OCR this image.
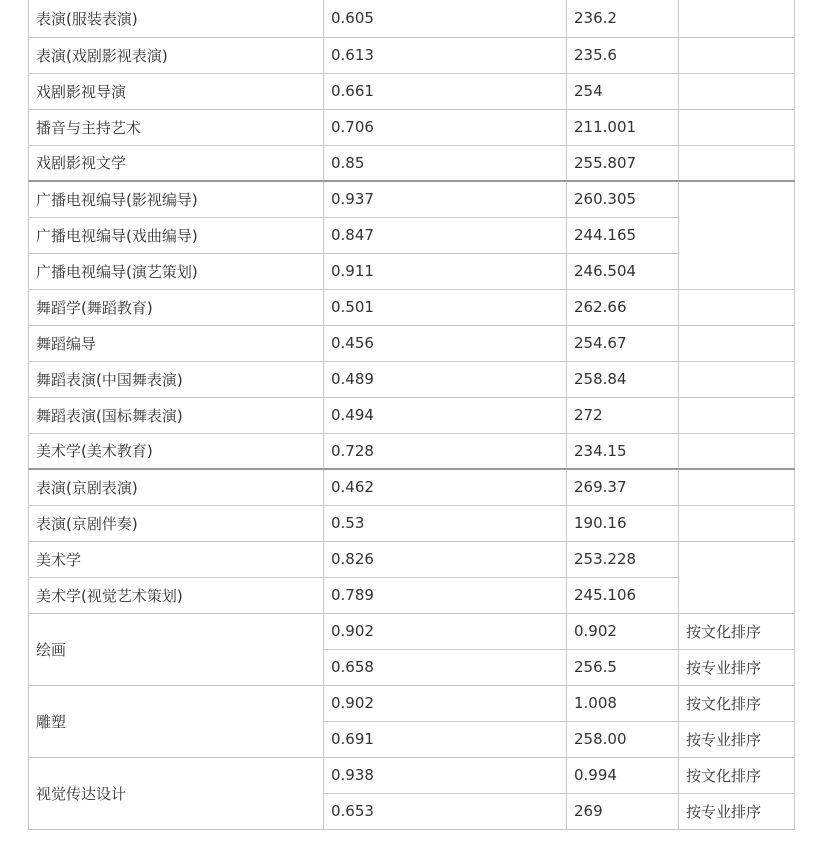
表演(服装表演)	0.605	236.2	
表演(戏剧影视表演)	0.613	235.6	
戏剧影视导演	0.661	254	
播音与主持艺术	0.706	211.001	
戏剧影视文学	0.85	255.807	
广播电视编导(影视编导)	0.937	260.305	
广播电视编导(戏曲编导)	0.847	244.165	
广播电视编导(演艺策划)	0.911	246.504	
舞蹈学(舞蹈教育)	0.501	262.66	
舞蹈编导	0.456	254.67	
舞蹈表演(中国舞表演)	0.489	258.84	
舞蹈表演(国标舞表演)	0.494	272	
美术学(美术教育)	0.728	234.15	
表演(京剧表演)	0.462	269.37	
表演(京剧伴奏)	0.53	190.16	
美术学	0.826	253.228	
美术学(视觉艺术策划)	0.789	245.106	
绘画	0.902	0.902	按文化排序
	0.658	256.5	按专业排序
雕塑	0.902	1.008	按文化排序
	0.691	258.00	按专业排序
视觉传达设计	0.938	0.994	按文化排序
	0.653	269	按专业排序
